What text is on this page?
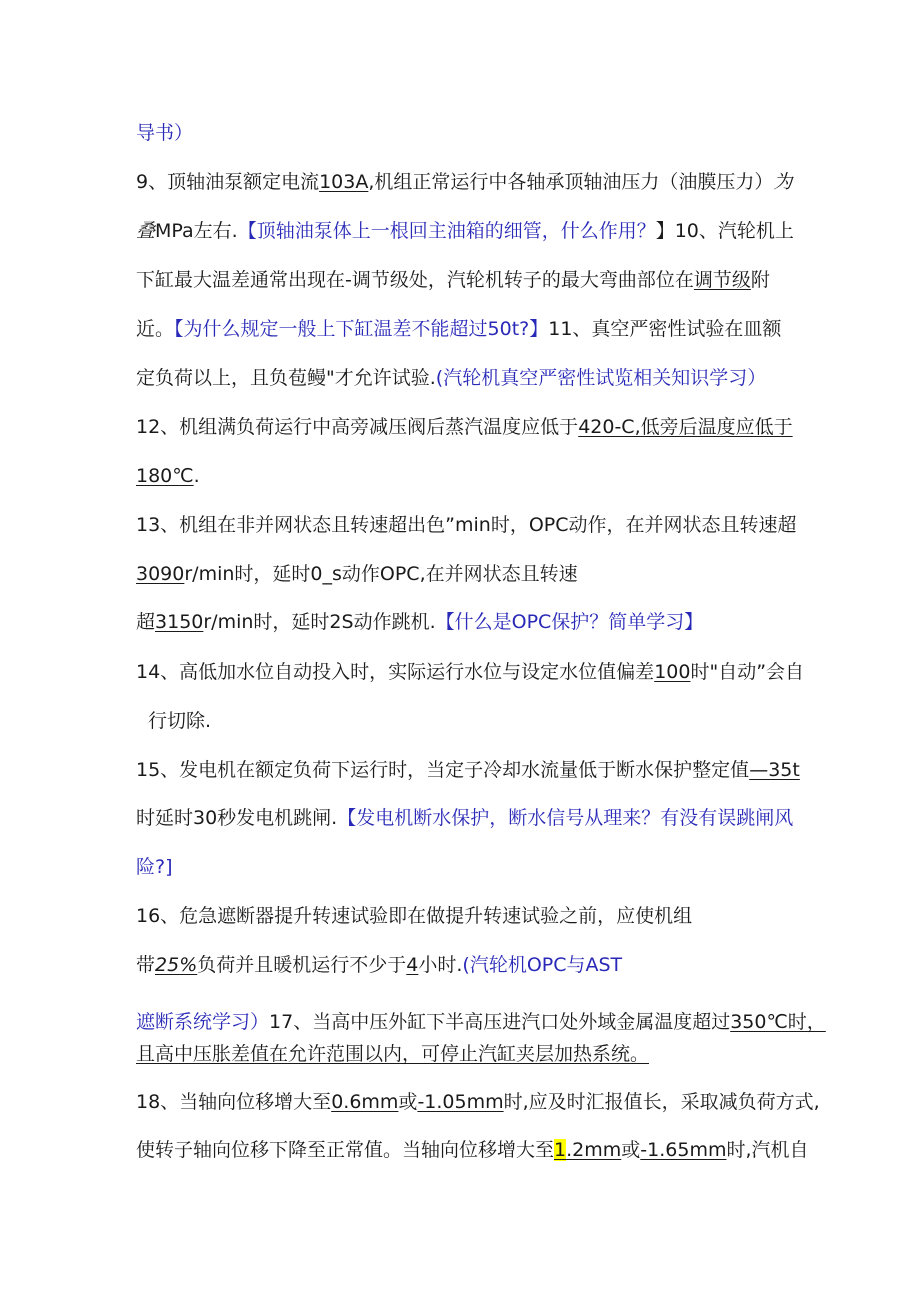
导书）
9、顶轴油泵额定电流103A,机组正常运行中各轴承顶轴油压力（油膜压力）为
叠MPa左右.【顶轴油泵体上一根回主油箱的细管，什么作用？】10、汽轮机上
下缸最大温差通常出现在-调节级处，汽轮机转子的最大弯曲部位在调节级附
近。【为什么规定一般上下缸温差不能超过50t?】11、真空严密性试验在皿额
定负荷以上，且负苞鳗"才允许试验.(汽轮机真空严密性试览相关知识学习）
12、机组满负荷运行中高旁减压阀后蒸汽温度应低于420-C,低旁后温度应低于
180℃.
13、机组在非并网状态且转速超出色”min时，OPC动作，在并网状态且转速超
3090r/min时，延时0_s动作OPC,在并网状态且转速
超3150r/min时，延时2S动作跳机.【什么是OPC保护？简单学习】
14、高低加水位自动投入时，实际运行水位与设定水位值偏差100时"自动”会自
行切除.
15、发电机在额定负荷下运行时，当定子冷却水流量低于断水保护整定值—35t
时延时30秒发电机跳闸.【发电机断水保护，断水信号从理来？有没有误跳闸风
险?]
16、危急遮断器提升转速试验即在做提升转速试验之前，应使机组
带25%负荷并且暖机运行不少于4小时.(汽轮机OPC与AST
遮断系统学习）17、当高中压外缸下半高压进汽口处外域金属温度超过350℃时，
且高中压胀差值在允许范围以内，可停止汽缸夹层加热系统。
18、当轴向位移增大至0.6mm或-1.05mm时,应及时汇报值长，采取减负荷方式,
使转子轴向位移下降至正常值。当轴向位移增大至1.2mm或-1.65mm时,汽机自
